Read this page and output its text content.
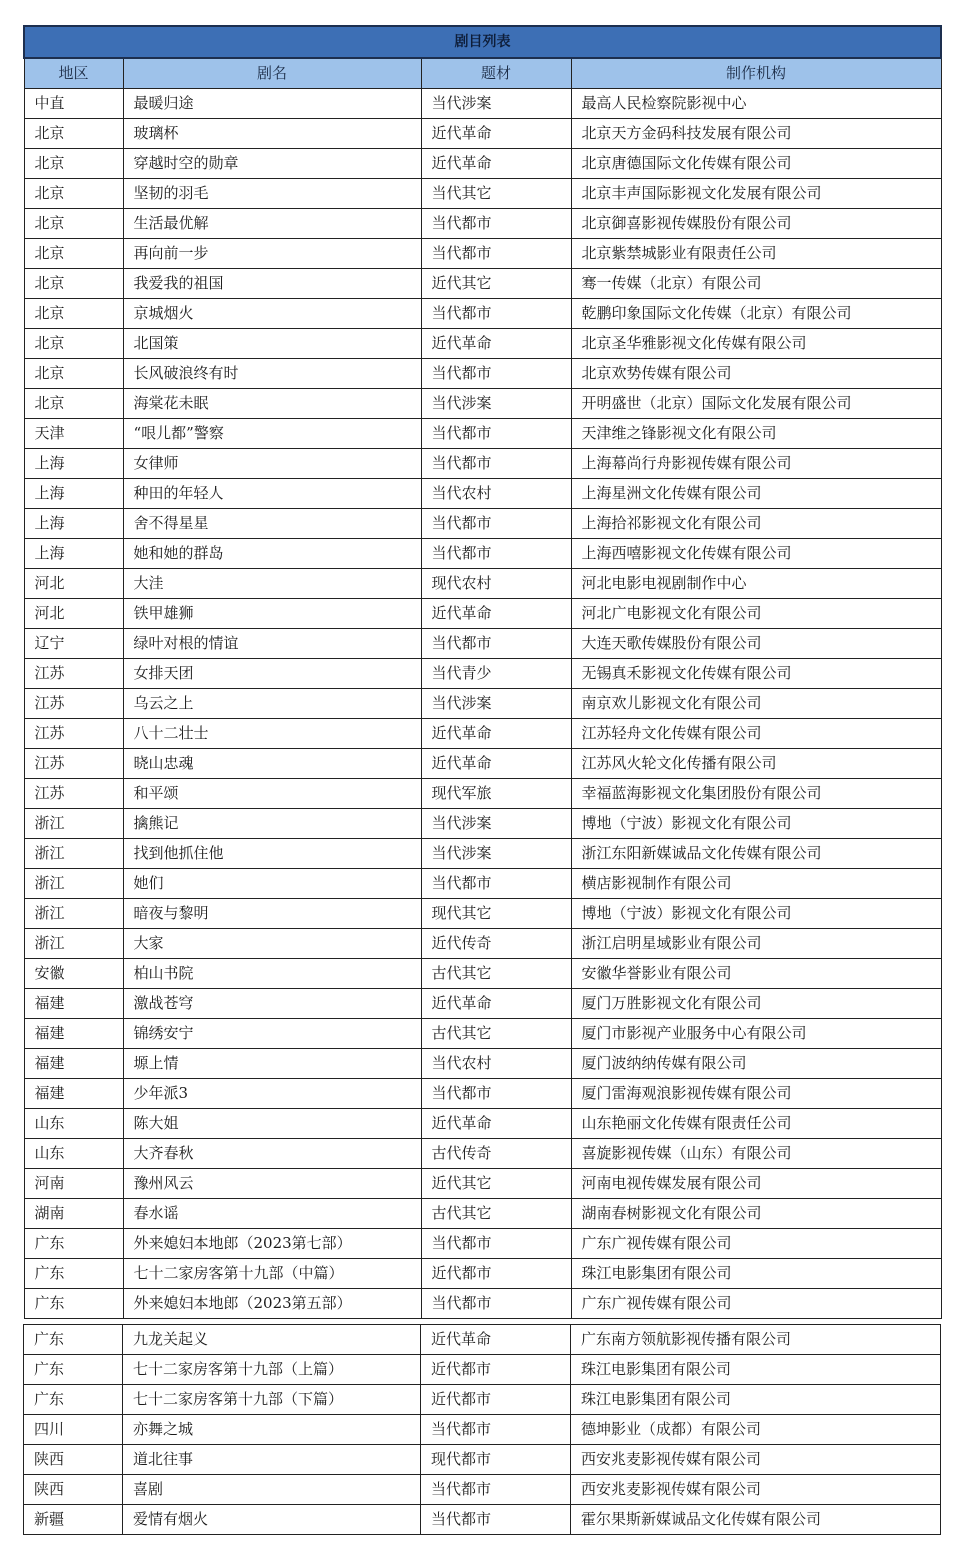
剧目列表			
地区	剧名	题材	制作机构
中直	最暖归途	当代涉案	最高人民检察院影视中心
北京	玻璃杯	近代革命	北京天方金码科技发展有限公司
北京	穿越时空的勋章	近代革命	北京唐德国际文化传媒有限公司
北京	坚韧的羽毛	当代其它	北京丰声国际影视文化发展有限公司
北京	生活最优解	当代都市	北京御喜影视传媒股份有限公司
北京	再向前一步	当代都市	北京紫禁城影业有限责任公司
北京	我爱我的祖国	近代其它	骞一传媒（北京）有限公司
北京	京城烟火	当代都市	乾鹏印象国际文化传媒（北京）有限公司
北京	北国策	近代革命	北京圣华雅影视文化传媒有限公司
北京	长风破浪终有时	当代都市	北京欢势传媒有限公司
北京	海棠花未眠	当代涉案	开明盛世（北京）国际文化发展有限公司
天津	“哏儿都”警察	当代都市	天津维之锋影视文化有限公司
上海	女律师	当代都市	上海幕尚行舟影视传媒有限公司
上海	种田的年轻人	当代农村	上海星洲文化传媒有限公司
上海	舍不得星星	当代都市	上海拾祁影视文化有限公司
上海	她和她的群岛	当代都市	上海西嘻影视文化传媒有限公司
河北	大洼	现代农村	河北电影电视剧制作中心
河北	铁甲雄狮	近代革命	河北广电影视文化有限公司
辽宁	绿叶对根的情谊	当代都市	大连天歌传媒股份有限公司
江苏	女排天团	当代青少	无锡真禾影视文化传媒有限公司
江苏	乌云之上	当代涉案	南京欢儿影视文化有限公司
江苏	八十二壮士	近代革命	江苏轻舟文化传媒有限公司
江苏	晓山忠魂	近代革命	江苏风火轮文化传播有限公司
江苏	和平颂	现代军旅	幸福蓝海影视文化集团股份有限公司
浙江	擒熊记	当代涉案	博地（宁波）影视文化有限公司
浙江	找到他抓住他	当代涉案	浙江东阳新媒诚品文化传媒有限公司
浙江	她们	当代都市	横店影视制作有限公司
浙江	暗夜与黎明	现代其它	博地（宁波）影视文化有限公司
浙江	大家	近代传奇	浙江启明星域影业有限公司
安徽	柏山书院	古代其它	安徽华誉影业有限公司
福建	激战苍穹	近代革命	厦门万胜影视文化有限公司
福建	锦绣安宁	古代其它	厦门市影视产业服务中心有限公司
福建	塬上情	当代农村	厦门波纳纳传媒有限公司
福建	少年派3	当代都市	厦门雷海观浪影视传媒有限公司
山东	陈大姐	近代革命	山东艳丽文化传媒有限责任公司
山东	大齐春秋	古代传奇	喜旋影视传媒（山东）有限公司
河南	豫州风云	近代其它	河南电视传媒发展有限公司
湖南	春水谣	古代其它	湖南春树影视文化有限公司
广东	外来媳妇本地郎（2023第七部）	当代都市	广东广视传媒有限公司
广东	七十二家房客第十九部（中篇）	近代都市	珠江电影集团有限公司
广东	外来媳妇本地郎（2023第五部）	当代都市	广东广视传媒有限公司
广东	九龙关起义	近代革命	广东南方领航影视传播有限公司
广东	七十二家房客第十九部（上篇）	近代都市	珠江电影集团有限公司
广东	七十二家房客第十九部（下篇）	近代都市	珠江电影集团有限公司
四川	亦舞之城	当代都市	德坤影业（成都）有限公司
陕西	道北往事	现代都市	西安兆麦影视传媒有限公司
陕西	喜剧	当代都市	西安兆麦影视传媒有限公司
新疆	爱情有烟火	当代都市	霍尔果斯新媒诚品文化传媒有限公司
